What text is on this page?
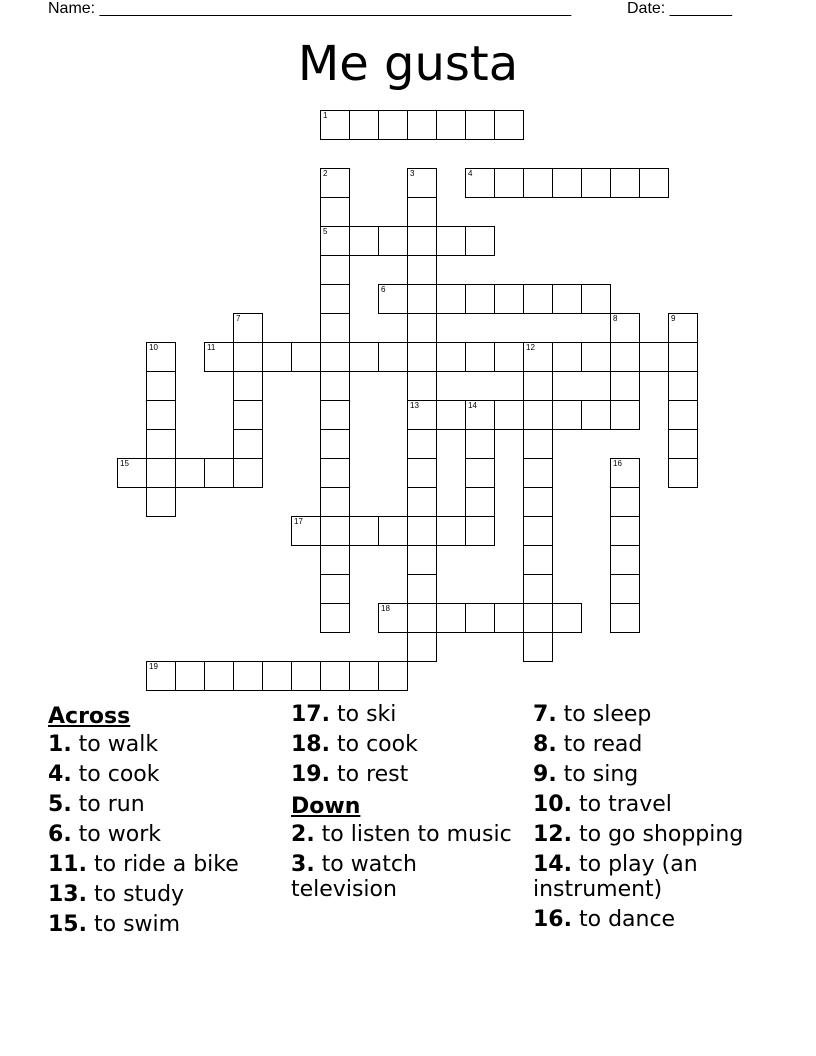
Name: _____________________________________________________	Date: _______
Me gusta
1
2
5
3
13
4
6
7	8	9
10	11	12
14
15	16
17
18
19
Across
1. to walk
4. to cook
5. to run
6. to work
11. to ride a bike
13. to study
15. to swim
17. to ski
18. to cook
19. to rest
Down
2. to listen to music
3. to watch television
7. to sleep
8. to read
9. to sing
10. to travel
12. to go shopping
14. to play (an instrument)
16. to dance
